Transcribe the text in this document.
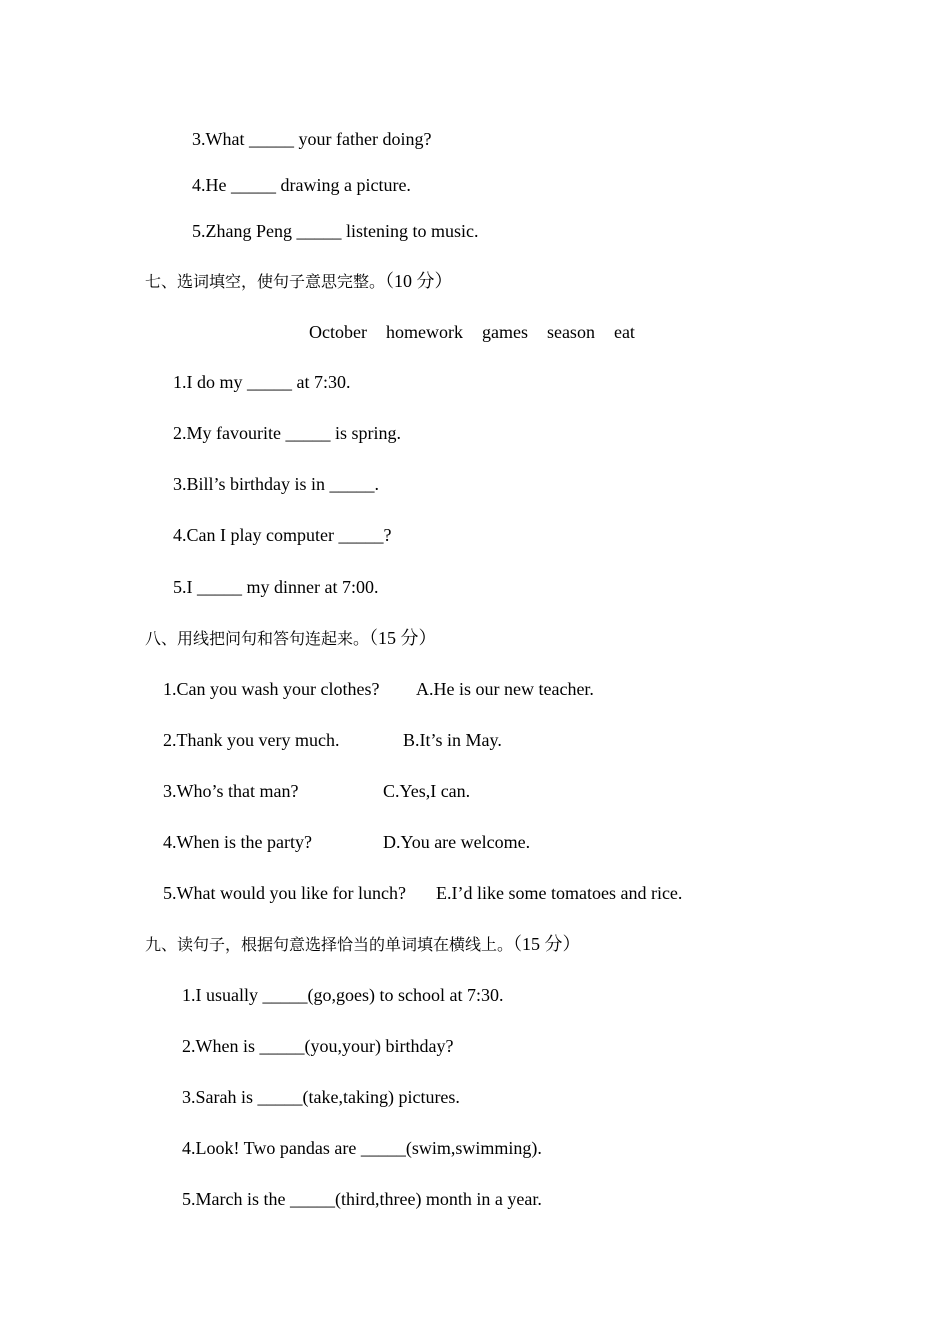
3.What _____ your father doing?
4.He _____ drawing a picture.
5.Zhang Peng _____ listening to music.
七、选词填空，使句子意思完整。（10 分）
October homework games season eat
1.I do my _____ at 7:30.
2.My favourite _____ is spring.
3.Bill’s birthday is in _____.
4.Can I play computer _____?
5.I _____ my dinner at 7:00.
八、用线把问句和答句连起来。（15 分）
1.Can you wash your clothes? A.He is our new teacher.
2.Thank you very much.	B.It’s in May.
3.Who’s that man?	C.Yes,I can.
4.When is the party?	D.You are welcome.
5.What would you like for lunch? E.I’d like some tomatoes and rice.
九、读句子，根据句意选择恰当的单词填在横线上。（15 分）
1.I usually _____(go,goes) to school at 7:30.
2.When is _____(you,your) birthday?
3.Sarah is _____(take,taking) pictures.
4.Look! Two pandas are _____(swim,swimming).
5.March is the _____(third,three) month in a year.
